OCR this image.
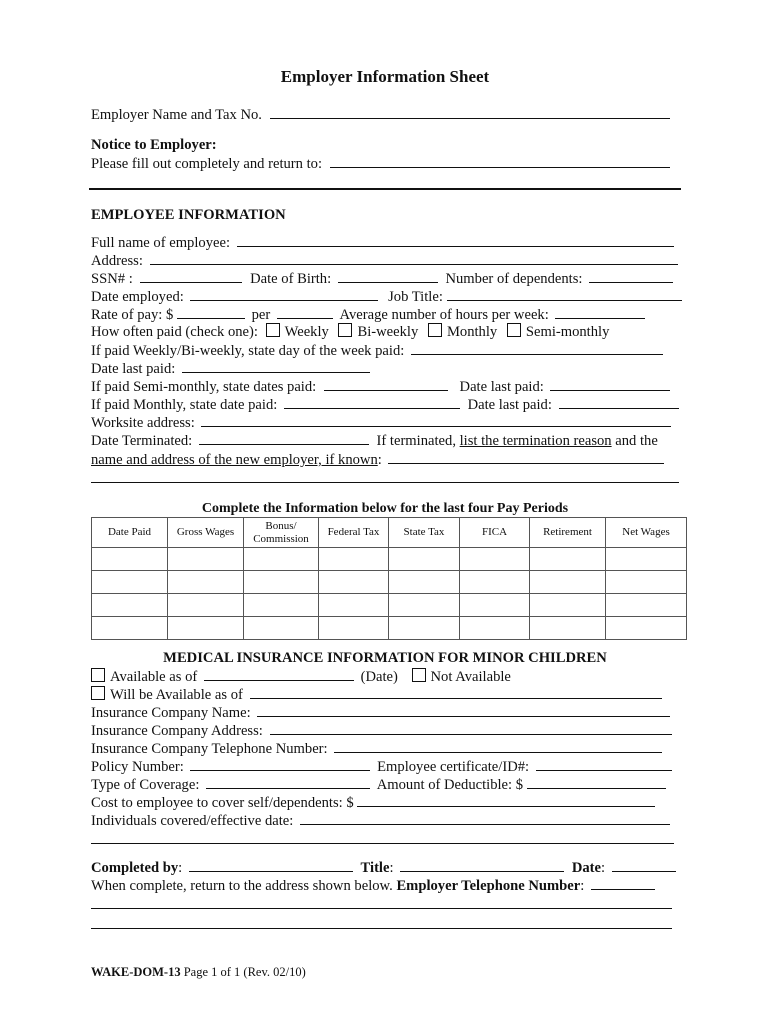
Employer Information Sheet
Employer Name and Tax No.
Notice to Employer:
Please fill out completely and return to:
EMPLOYEE INFORMATION
Full name of employee:
Address:
SSN# :	Date of Birth:	Number of dependents:
Date employed:	Job Title:
Rate of pay: $	per	Average number of hours per week:
How often paid (check one): Weekly Bi-weekly Monthly Semi-monthly
If paid Weekly/Bi-weekly, state day of the week paid:
Date last paid:
If paid Semi-monthly, state dates paid:	Date last paid:
If paid Monthly, state date paid:	Date last paid:
Worksite address:
Date Terminated:	If terminated, list the termination reason and the
name and address of the new employer, if known:
Complete the Information below for the last four Pay Periods
Date Paid	Gross Wages	Bonus/ Commission	Federal Tax	State Tax	FICA	Retirement	Net Wages

MEDICAL INSURANCE INFORMATION FOR MINOR CHILDREN
Available as of	(Date) Not Available
Will be Available as of
Insurance Company Name:
Insurance Company Address:
Insurance Company Telephone Number:
Policy Number:	Employee certificate/ID#:
Type of Coverage:	Amount of Deductible: $
Cost to employee to cover self/dependents: $
Individuals covered/effective date:
Completed by:	Title:	Date:
When complete, return to the address shown below. Employer Telephone Number:
WAKE-DOM-13 Page 1 of 1 (Rev. 02/10)
